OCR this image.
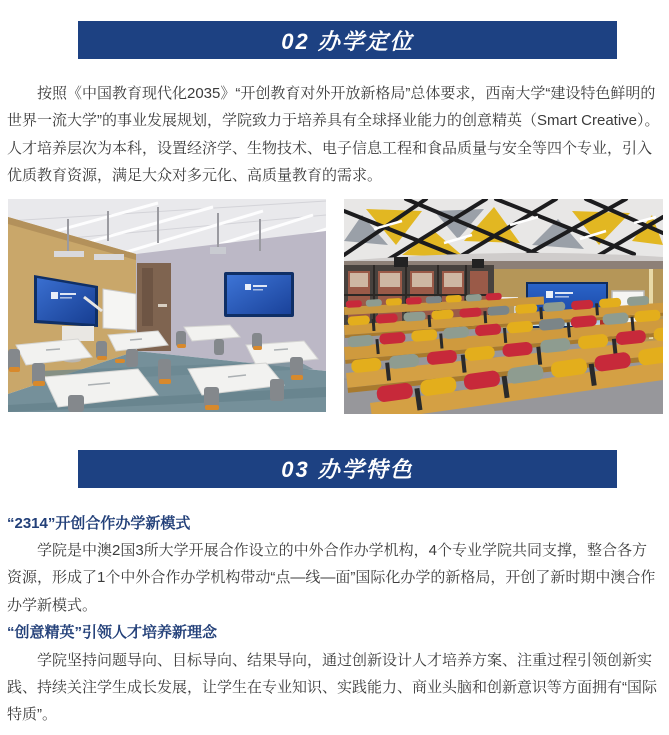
02 办学定位

按照《中国教育现代化2035》“开创教育对外开放新格局”总体要求，西南大学“建设特色鲜明的世界一流大学”的事业发展规划，学院致力于培养具有全球择业能力的创意精英（Smart Creative）。人才培养层次为本科，设置经济学、生物技术、电子信息工程和食品质量与安全等四个专业，引入优质教育资源，满足大众对多元化、高质量教育的需求。

03 办学特色
“2314”开创合作办学新模式

学院是中澳2国3所大学开展合作设立的中外合作办学机构，4个专业学院共同支撑，整合各方资源，形成了1个中外合作办学机构带动“点—线—面”国际化办学的新格局，开创了新时期中澳合作办学新模式。

“创意精英”引领人才培养新理念

学院坚持问题导向、目标导向、结果导向，通过创新设计人才培养方案、注重过程引领创新实践、持续关注学生成长发展，让学生在专业知识、实践能力、商业头脑和创新意识等方面拥有“国际特质”。
